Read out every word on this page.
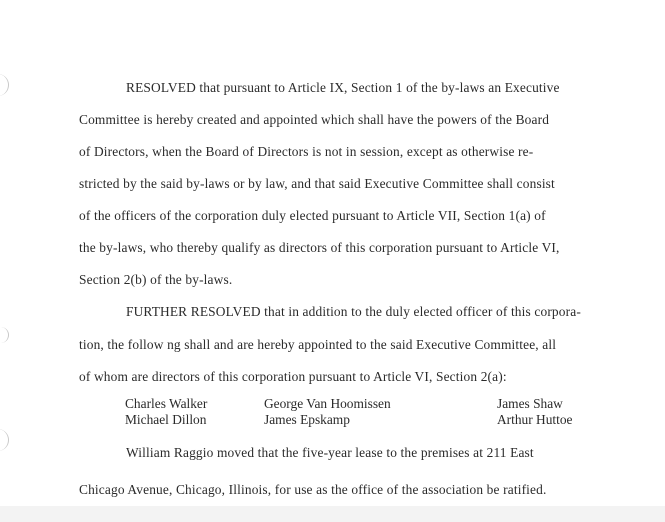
RESOLVED that pursuant to Article IX, Section 1 of the by-laws an Executive
Committee is hereby created and appointed which shall have the powers of the Board
of Directors, when the Board of Directors is not in session, except as otherwise re-
stricted by the said by-laws or by law, and that said Executive Committee shall consist
of the officers of the corporation duly elected pursuant to Article VII, Section 1(a) of
the by-laws, who thereby qualify as directors of this corporation pursuant to Article VI,
Section 2(b) of the by-laws.
FURTHER RESOLVED that in addition to the duly elected officer of this corpora-
tion, the follow ng shall and are hereby appointed to the said Executive Committee, all
of whom are directors of this corporation pursuant to Article VI, Section 2(a):
Charles Walker	George Van Hoomissen	James Shaw
Michael Dillon	James Epskamp	Arthur Huttoe
William Raggio moved that the five-year lease to the premises at 211 East
Chicago Avenue, Chicago, Illinois, for use as the office of the association be ratified.
